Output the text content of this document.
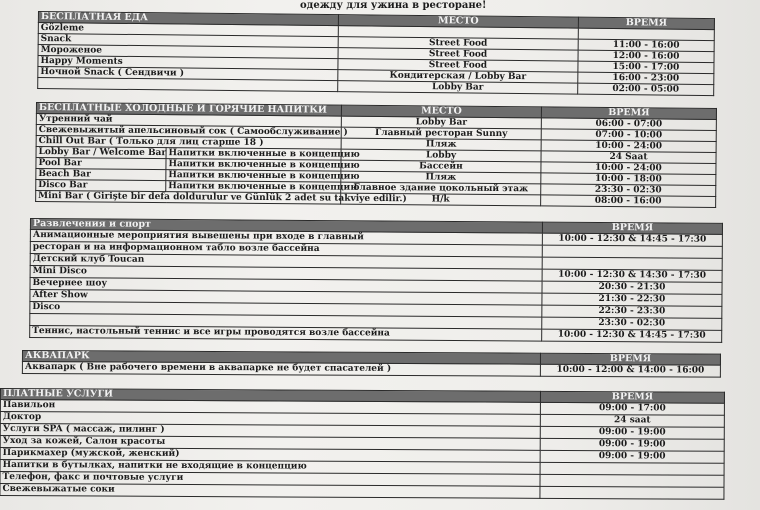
одежду для ужина в ресторане!
БЕСПЛАТНАЯ ЕДА	МЕСТО	ВРЕМЯ
Gözleme		
Snack	Street Food	11:00 - 16:00
Мороженое	Street Food	12:00 - 16:00
Happy Moments	Street Food	15:00 - 17:00
Ночной Snack ( Сендвичи )	Кондитерская / Lobby Bar	16:00 - 23:00
	Lobby Bar	02:00 - 05:00
БЕСПЛАТНЫЕ ХОЛОДНЫЕ И ГОРЯЧИЕ НАПИТКИ		МЕСТО	ВРЕМЯ
Утренний чай		Lobby Bar	06:00 - 07:00
Свежевыжитый апельсиновый сок ( Самообслуживание )		Главный ресторан Sunny	07:00 - 10:00
Chill Out Bar ( Только для лиц старше 18 )		Пляж	10:00 - 24:00
Lobby Bar / Welcome Bar	Напитки включенные в концепцию	Lobby	24 Saat
Pool Bar	Напитки включенные в концепцию	Бассейн	10:00 - 24:00
Beach Bar	Напитки включенные в концепцию	Пляж	10:00 - 18:00
Disco Bar	Напитки включенные в концепцию	Главное здание цокольный этаж	23:30 - 02:30
Mini Bar ( Girişte bir defa doldurulur ve Günlük 2 adet su takviye edilir.)		H/k	08:00 - 16:00
Развлечения и спорт	ВРЕМЯ
Анимационные мероприятия вывешены при входе в главный	10:00 - 12:30 & 14:45 - 17:30
ресторан и на информационном табло возле бассейна	
Детский клуб Toucan	
Mini Disco	10:00 - 12:30 & 14:30 - 17:30
Вечернее шоу	20:30 - 21:30
After Show	21:30 - 22:30
Disco	22:30 - 23:30
	23:30 - 02:30
Теннис, настольный теннис и все игры проводятся возле бассейна	10:00 - 12:30 & 14:45 - 17:30
АКВАПАРК	ВРЕМЯ
Аквапарк ( Вне рабочего времени в аквапарке не будет спасателей )	10:00 - 12:00 & 14:00 - 16:00
ПЛАТНЫЕ УСЛУГИ	ВРЕМЯ
Павильон	09:00 - 17:00
Доктор	24 saat
Услуги SPA ( массаж, пилинг )	09:00 - 19:00
Уход за кожей, Салон красоты	09:00 - 19:00
Парикмахер (мужской, женский)	09:00 - 19:00
Напитки в бутылках, напитки не входящие в концепцию	
Телефон, факс и почтовые услуги	
Свежевыжатые соки	
